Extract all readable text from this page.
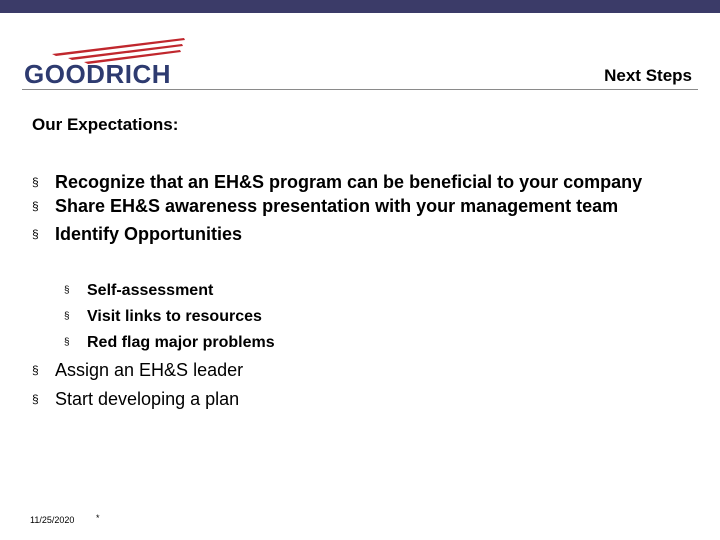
GOODRICH	Next Steps
Our Expectations:
§ Recognize that an EH&S program can be beneficial to your company
§ Share EH&S awareness presentation with your management team
§ Identify Opportunities
§ Self-assessment
§ Visit links to resources
§ Red flag major problems
§ Assign an EH&S leader
§ Start developing a plan
11/25/2020 *
